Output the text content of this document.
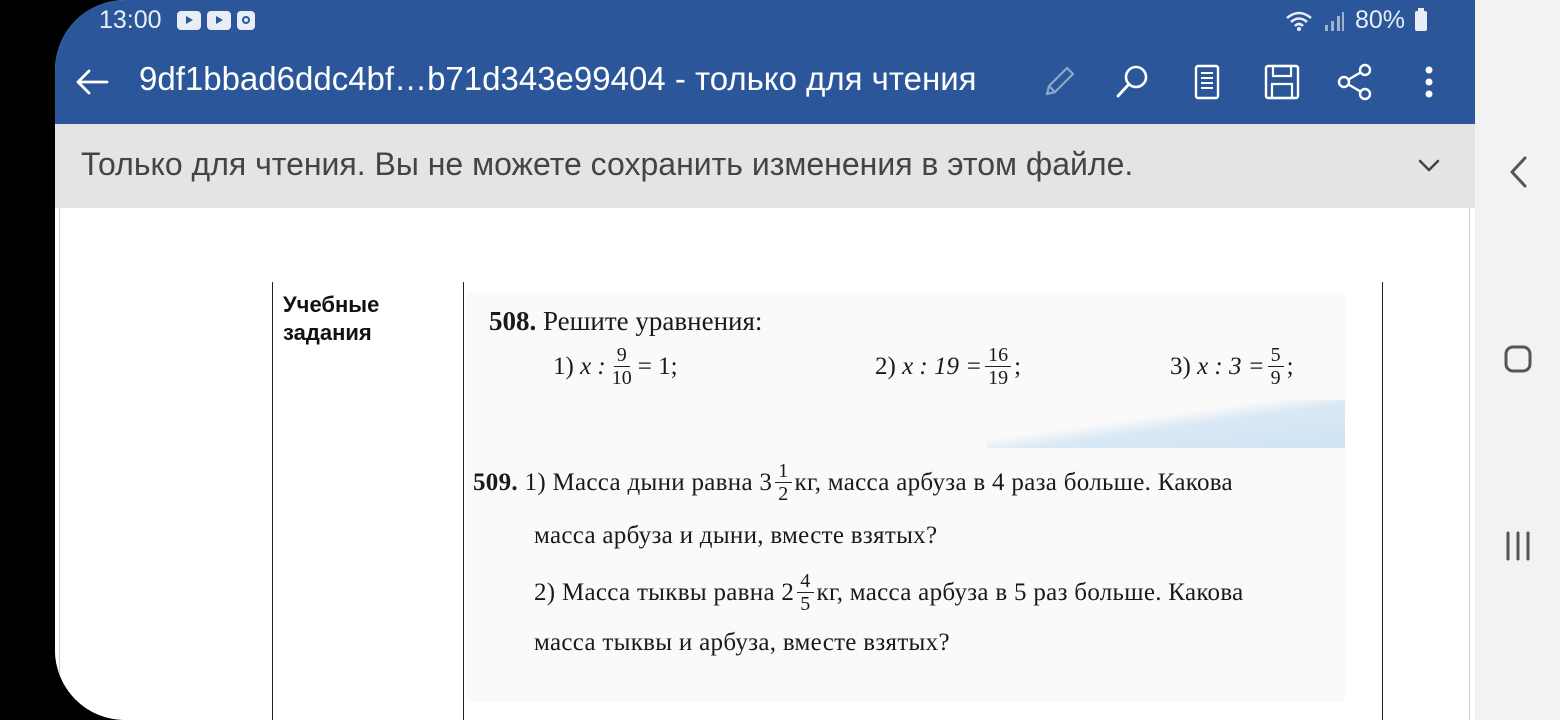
13:00	80%
9df1bbad6ddc4bf…b71d343e99404 - только для чтения
Только для чтения. Вы не можете сохранить изменения в этом файле.
Учебные
задания	508. Решите уравнения:
1)
x : $\frac{9}{10} = 1$;	2)
x : $19 = \frac{16}{19}$ ;	3)
x : $3 = \frac{5}{9}$ ;
509.
1) Масса дыни равна $3 \frac{1}{2}$ кг, масса арбуза в 4 раза больше. Какова
масса арбуза и дыни, вместе взятых?
2) Масса тыквы равна $2 \frac{4}{5}$ кг, масса арбуза в 5 раз больше. Какова
масса тыквы и арбуза, вместе взятых?
